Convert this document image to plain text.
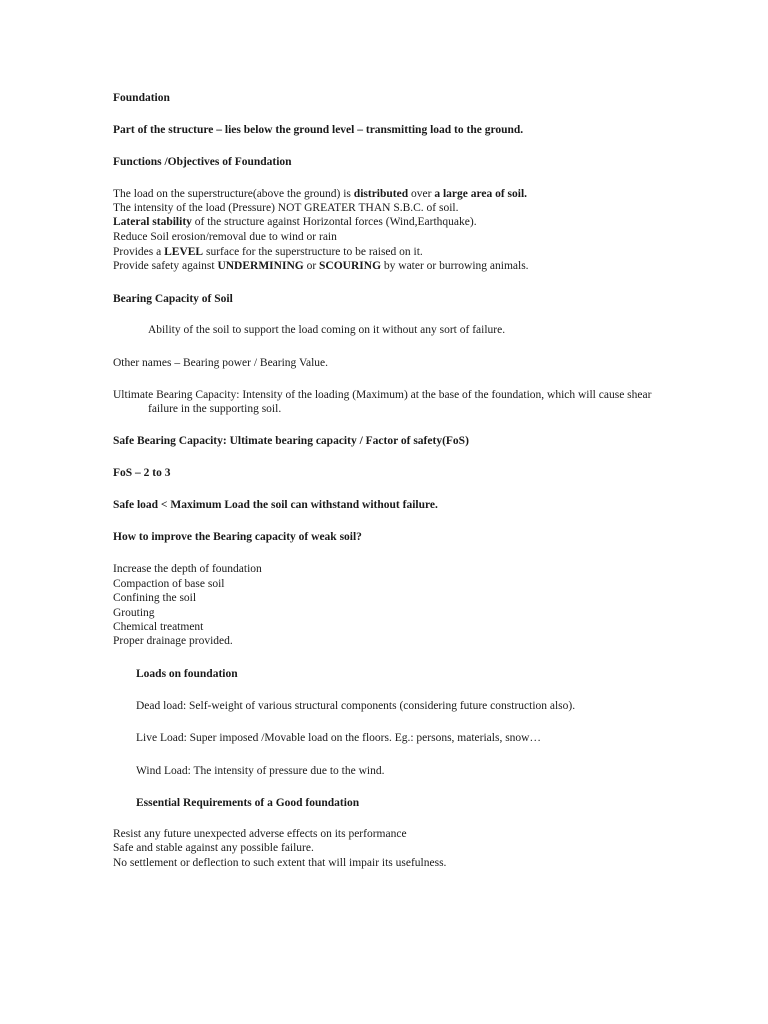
Foundation
Part of the structure – lies below the ground level – transmitting load to the ground.
Functions /Objectives of Foundation
The load on the superstructure(above the ground) is distributed over a large area of soil.
The intensity of the load (Pressure) NOT GREATER THAN S.B.C. of soil.
Lateral stability of the structure against Horizontal forces (Wind,Earthquake).
Reduce Soil erosion/removal due to wind or rain
Provides a LEVEL surface for the superstructure to be raised on it.
Provide safety against UNDERMINING or SCOURING by water or burrowing animals.
Bearing Capacity of Soil
Ability of the soil to support the load coming on it without any sort of failure.
Other names – Bearing power / Bearing Value.
Ultimate Bearing Capacity: Intensity of the loading (Maximum) at the base of the foundation, which will cause shear
failure in the supporting soil.
Safe Bearing Capacity: Ultimate bearing capacity / Factor of safety(FoS)
FoS – 2 to 3
Safe load < Maximum Load the soil can withstand without failure.
How to improve the Bearing capacity of weak soil?
Increase the depth of foundation
Compaction of base soil
Confining the soil
Grouting
Chemical treatment
Proper drainage provided.
Loads on foundation
Dead load: Self-weight of various structural components (considering future construction also).
Live Load: Super imposed /Movable load on the floors. Eg.: persons, materials, snow…
Wind Load: The intensity of pressure due to the wind.
Essential Requirements of a Good foundation
Resist any future unexpected adverse effects on its performance
Safe and stable against any possible failure.
No settlement or deflection to such extent that will impair its usefulness.
